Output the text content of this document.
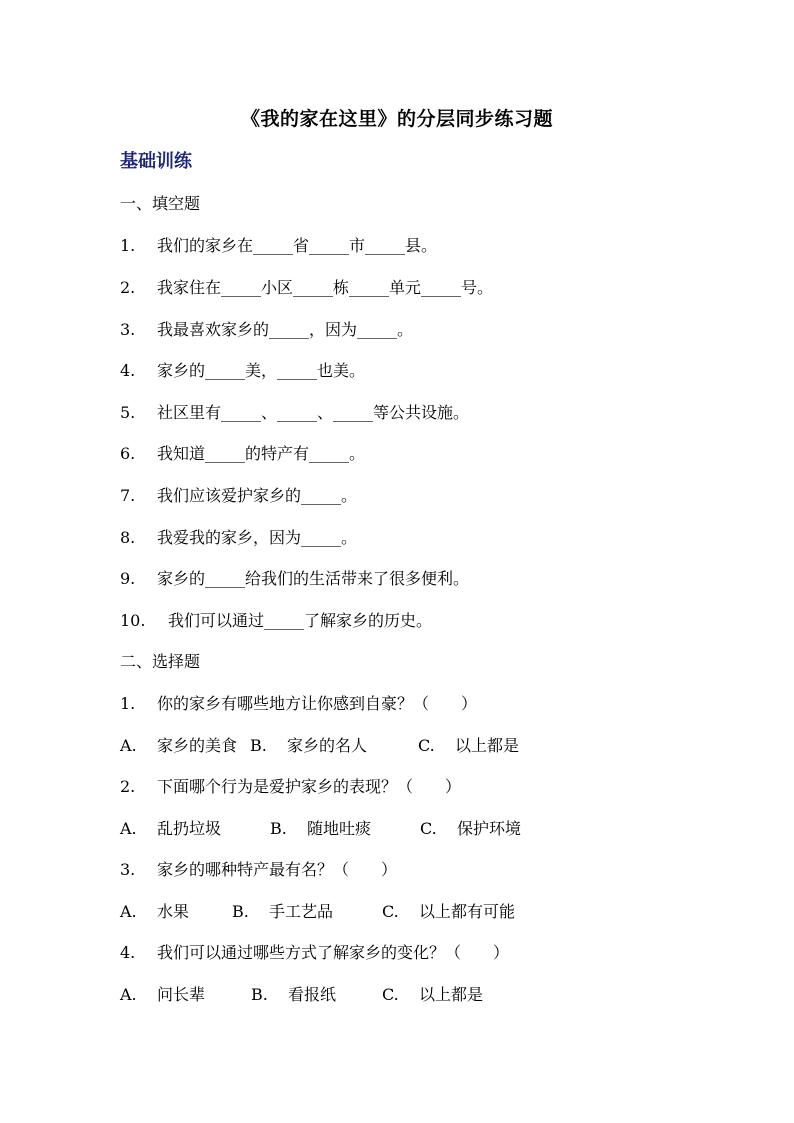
《我的家在这里》的分层同步练习题
基础训练
一、填空题
1. 我们的家乡在_____省_____市_____县。
2. 我家住在_____小区_____栋_____单元_____号。
3. 我最喜欢家乡的_____，因为_____。
4. 家乡的_____美，_____也美。
5. 社区里有_____、_____、_____等公共设施。
6. 我知道_____的特产有_____。
7. 我们应该爱护家乡的_____。
8. 我爱我的家乡，因为_____。
9. 家乡的_____给我们的生活带来了很多便利。
10. 我们可以通过_____了解家乡的历史。
二、选择题
1. 你的家乡有哪些地方让你感到自豪？（　　）
A. 家乡的美食 B. 家乡的名人	C. 以上都是
2. 下面哪个行为是爱护家乡的表现？（　　）
A. 乱扔垃圾	B. 随地吐痰	C. 保护环境
3. 家乡的哪种特产最有名？（　　）
A. 水果	B. 手工艺品	C. 以上都有可能
4. 我们可以通过哪些方式了解家乡的变化？（　　）
A. 问长辈	B. 看报纸	C. 以上都是
